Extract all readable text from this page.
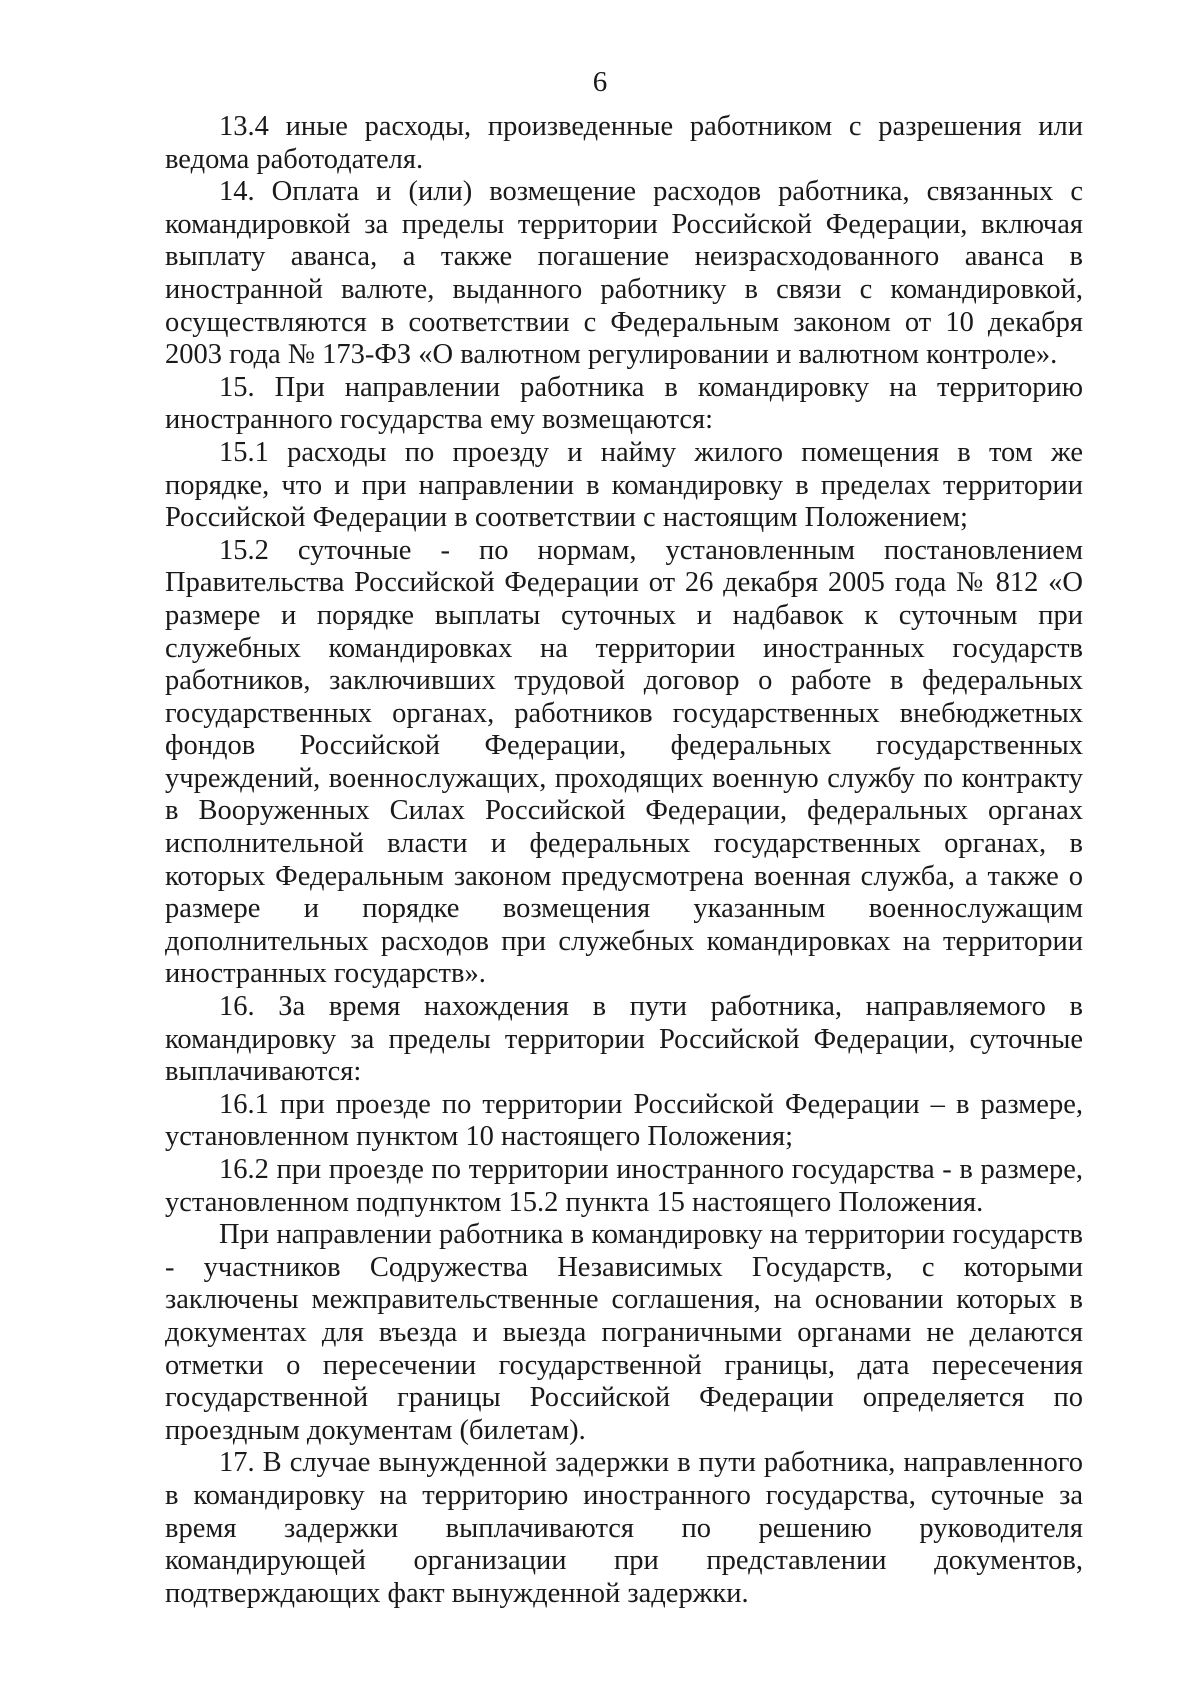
6

13.4 иные расходы, произведенные работником с разрешения или ведома работодателя.

14. Оплата и (или) возмещение расходов работника, связанных с командировкой за пределы территории Российской Федерации, включая выплату аванса, а также погашение неизрасходованного аванса в иностранной валюте, выданного работнику в связи с командировкой, осуществляются в соответствии с Федеральным законом от 10 декабря 2003 года № 173-ФЗ «О валютном регулировании и валютном контроле».

15. При направлении работника в командировку на территорию иностранного государства ему возмещаются:

15.1 расходы по проезду и найму жилого помещения в том же порядке, что и при направлении в командировку в пределах территории Российской Федерации в соответствии с настоящим Положением;

15.2 суточные - по нормам, установленным постановлением Правительства Российской Федерации от 26 декабря 2005 года № 812 «О размере и порядке выплаты суточных и надбавок к суточным при служебных командировках на территории иностранных государств работников, заключивших трудовой договор о работе в федеральных государственных органах, работников государственных внебюджетных фондов Российской Федерации, федеральных государственных учреждений, военнослужащих, проходящих военную службу по контракту в Вооруженных Силах Российской Федерации, федеральных органах исполнительной власти и федеральных государственных органах, в которых Федеральным законом предусмотрена военная служба, а также о размере и порядке возмещения указанным военнослужащим дополнительных расходов при служебных командировках на территории иностранных государств».

16. За время нахождения в пути работника, направляемого в командировку за пределы территории Российской Федерации, суточные выплачиваются:

16.1 при проезде по территории Российской Федерации – в размере, установленном пунктом 10 настоящего Положения;

16.2 при проезде по территории иностранного государства - в размере, установленном подпунктом 15.2 пункта 15 настоящего Положения.

При направлении работника в командировку на территории государств - участников Содружества Независимых Государств, с которыми заключены межправительственные соглашения, на основании которых в документах для въезда и выезда пограничными органами не делаются отметки о пересечении государственной границы, дата пересечения государственной границы Российской Федерации определяется по проездным документам (билетам).

17. В случае вынужденной задержки в пути работника, направленного в командировку на территорию иностранного государства, суточные за время задержки выплачиваются по решению руководителя командирующей организации при представлении документов, подтверждающих факт вынужденной задержки.
